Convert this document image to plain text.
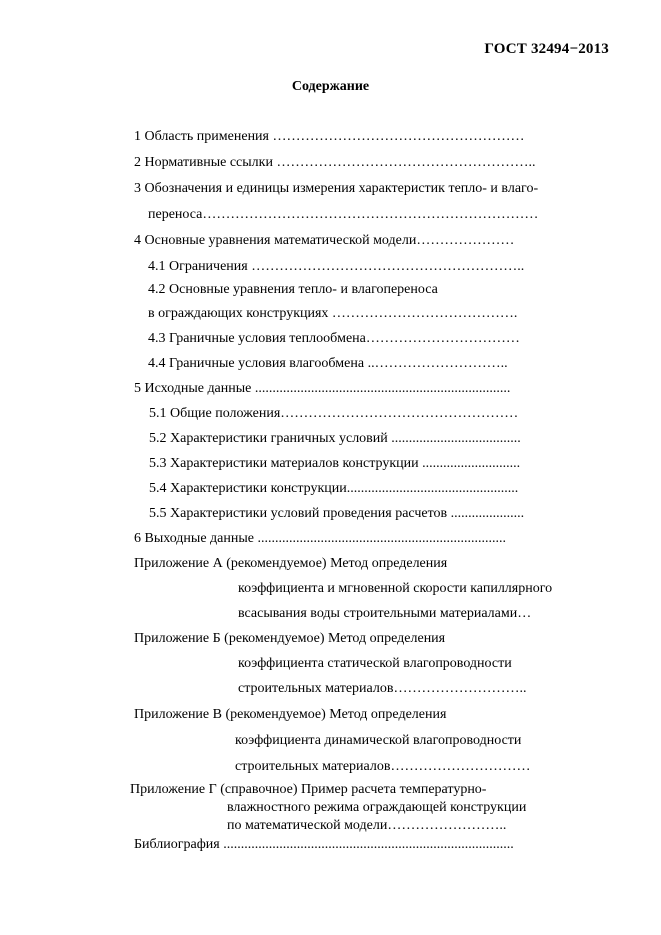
ГОСТ 32494−2013
Содержание
1 Область применения ………………………………………………
2 Нормативные ссылки ………………………………………………..
3 Обозначения и единицы измерения характеристик тепло- и влаго-
переноса………………………………………………………………
4 Основные уравнения математической модели…………………
4.1 Ограничения …………………………………………………..
4.2 Основные уравнения тепло- и влагопереноса
в ограждающих конструкциях ………………………………….
4.3 Граничные условия теплообмена……………………………
4.4 Граничные условия влагообмена ..………………………..
5 Исходные данные .........................................................................
5.1 Общие положения……………………………………………
5.2 Характеристики граничных условий .....................................
5.3 Характеристики материалов конструкции ............................
5.4 Характеристики конструкции.................................................
5.5 Характеристики условий проведения расчетов .....................
6 Выходные данные .......................................................................
Приложение А (рекомендуемое) Метод определения
коэффициента и мгновенной скорости капиллярного
всасывания воды строительными материалами…
Приложение Б (рекомендуемое) Метод определения
коэффициента статической влагопроводности
строительных материалов………………………..
Приложение В (рекомендуемое) Метод определения
коэффициента динамической влагопроводности
строительных материалов…………………………
Приложение Г (справочное) Пример расчета температурно-
влажностного режима ограждающей конструкции
по математической модели……………………..
Библиография ...................................................................................
